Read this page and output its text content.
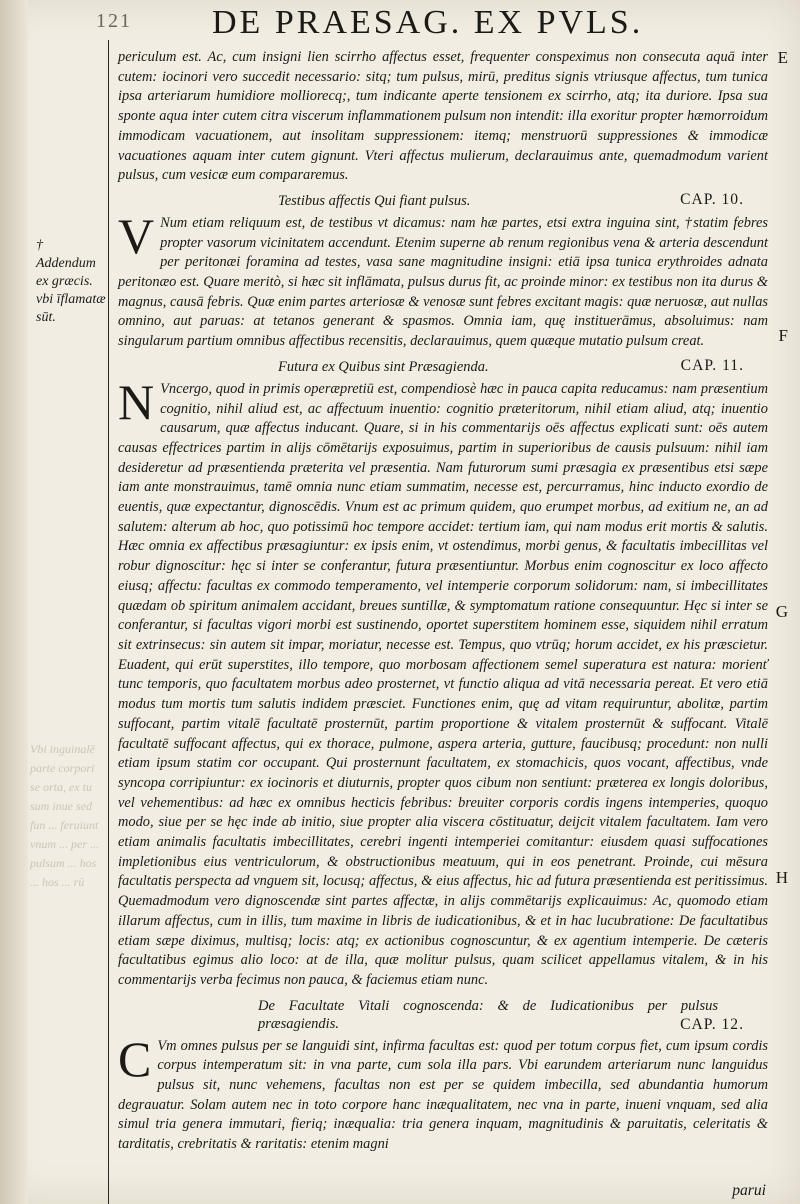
121 DE PRAESAG. EX PVLS.
† Addendum ex græcis. vbi īflamatæ sūt.
Vbi inguinalē parte corpori se orta, ex tu sum inue sed fun ... feruiunt vnum ... per ... pulsum ... hos ... hos ... rū
E
F
G
H

periculum est. Ac, cum insigni lien scirrho affectus esset, frequenter conspeximus non consecuta aquā inter cutem: iocinori vero succedit necessario: sitq; tum pulsus, mirū, preditus signis vtriusque affectus, tum tunica ipsa arteriarum humidiore molliorecq;, tum indicante aperte tensionem ex scirrho, atq; ita duriore. Ipsa sua sponte aqua inter cutem citra viscerum inflammationem pulsum non intendit: illa exoritur propter hæmorroidum immodicam vacuationem, aut insolitam suppressionem: itemq; menstruorū suppressiones & immodicæ vacuationes aquam inter cutem gignunt. Vteri affectus mulierum, declarauimus ante, quemadmodum varient pulsus, cum vesicæ eum compararemus.

Testibus affectis Qui fiant pulsus.	CAP. 10.

V Num etiam reliquum est, de testibus vt dicamus: nam hæ partes, etsi extra inguina sint, †statim febres propter vasorum vicinitatem accendunt. Etenim superne ab renum regionibus vena & arteria descendunt per peritonæi foramina ad testes, vasa sane magnitudine insigni: etiā ipsa tunica erythroides adnata peritonæo est. Quare meritò, si hæc sit inflāmata, pulsus durus fit, ac proinde minor: ex testibus non ita durus & magnus, causā febris. Quæ enim partes arteriosæ & venosæ sunt febres excitant magis: quæ neruosæ, aut nullas omnino, aut paruas: at tetanos generant & spasmos. Omnia iam, quę instituerāmus, absoluimus: nam singularum partium omnibus affectibus recensitis, declarauimus, quem quæque mutatio pulsum creat.

Futura ex Quibus sint Præsagienda.	CAP. 11.

N Vncergo, quod in primis operæpretiū est, compendiosè hæc in pauca capita reducamus: nam præsentium cognitio, nihil aliud est, ac affectuum inuentio: cognitio præteritorum, nihil etiam aliud, atq; inuentio causarum, quæ affectus inducant. Quare, si in his commentarijs oēs affectus explicati sunt: oēs autem causas effectrices partim in alijs cōmētarijs exposuimus, partim in superioribus de causis pulsuum: nihil iam desideretur ad præsentienda præterita vel præsentia. Nam futurorum sumi præsagia ex præsentibus etsi sæpe iam ante monstrauimus, tamē omnia nunc etiam summatim, necesse est, percurramus, hinc inducto exordio de euentis, quæ expectantur, dignoscēdis. Vnum est ac primum quidem, quo erumpet morbus, ad exitium ne, an ad salutem: alterum ab hoc, quo potissimū hoc tempore accidet: tertium iam, qui nam modus erit mortis & salutis. Hæc omnia ex affectibus præsagiuntur: ex ipsis enim, vt ostendimus, morbi genus, & facultatis imbecillitas vel robur dignoscitur: hęc si inter se conferantur, futura præsentiuntur. Morbus enim cognoscitur ex loco affecto eiusq; affectu: facultas ex commodo temperamento, vel intemperie corporum solidorum: nam, si imbecillitates quædam ob spiritum animalem accidant, breues suntillæ, & symptomatum ratione consequuntur. Hęc si inter se conferantur, si facultas vigori morbi est sustinendo, oportet superstitem hominem esse, siquidem nihil erratum sit extrinsecus: sin autem sit impar, moriatur, necesse est. Tempus, quo vtrūq; horum accidet, ex his præscietur. Euadent, qui erūt superstites, illo tempore, quo morbosam affectionem semel superatura est natura: morienť tunc temporis, quo facultatem morbus adeo prosternet, vt functio aliqua ad vitā necessaria pereat. Et vero etiā modus tum mortis tum salutis indidem præsciet. Functiones enim, quę ad vitam requiruntur, abolitæ, partim suffocant, partim vitalē facultatē prosternūt, partim proportione & vitalem prosternūt & suffocant. Vitalē facultatē suffocant affectus, qui ex thorace, pulmone, aspera arteria, gutture, faucibusq; procedunt: non nulli etiam ipsum statim cor occupant. Qui prosternunt facultatem, ex stomachicis, quos vocant, affectibus, vnde syncopa corripiuntur: ex iocinoris et diuturnis, propter quos cibum non sentiunt: præterea ex longis doloribus, vel vehementibus: ad hæc ex omnibus hecticis febribus: breuiter corporis cordis ingens intemperies, quoquo modo, siue per se hęc inde ab initio, siue propter alia viscera cōstituatur, deijcit vitalem facultatem. Iam vero etiam animalis facultatis imbecillitates, cerebri ingenti intemperiei comitantur: eiusdem quasi suffocationes impletionibus eius ventriculorum, & obstructionibus meatuum, qui in eos penetrant. Proinde, cui mēsura facultatis perspecta ad vnguem sit, locusq; affectus, & eius affectus, hic ad futura præsentienda est peritissimus. Quemadmodum vero dignoscendæ sint partes affectæ, in alijs commētarijs explicauimus: Ac, quomodo etiam illarum affectus, cum in illis, tum maxime in libris de iudicationibus, & et in hac lucubratione: De facultatibus etiam sæpe diximus, multisq; locis: atq; ex actionibus cognoscuntur, & ex agentium intemperie. De cæteris facultatibus egimus alio loco: at de illa, quæ molitur pulsus, quam scilicet appellamus vitalem, & in his commentarijs verba fecimus non pauca, & faciemus etiam nunc.

De Facultate Vitali cognoscenda: & de Iudicationibus per pulsus præsagiendis.	CAP. 12.

C Vm omnes pulsus per se languidi sint, infirma facultas est: quod per totum corpus fiet, cum ipsum cordis corpus intemperatum sit: in vna parte, cum sola illa pars. Vbi earundem arteriarum nunc languidus pulsus sit, nunc vehemens, facultas non est per se quidem imbecilla, sed abundantia humorum degrauatur. Solam autem nec in toto corpore hanc inæqualitatem, nec vna in parte, inueni vnquam, sed alia simul tria genera immutari, fieriq; inæqualia: tria genera inquam, magnitudinis & paruitatis, celeritatis & tarditatis, crebritatis & raritatis: etenim magni

parui
